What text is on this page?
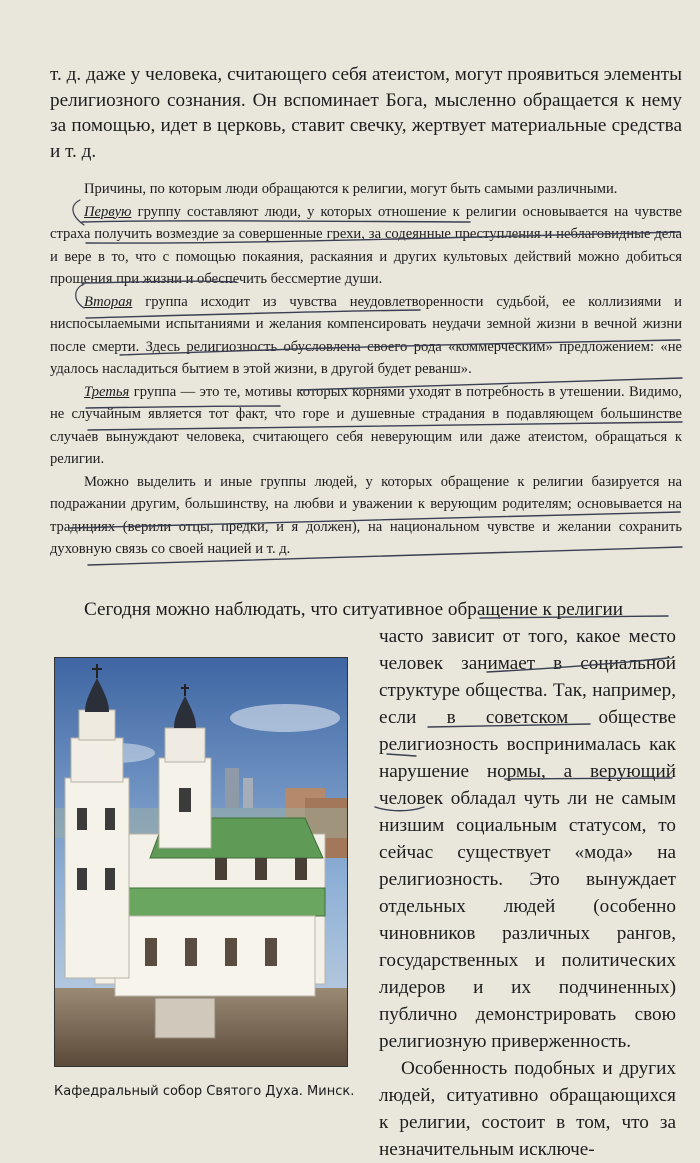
т. д. даже у человека, считающего себя атеистом, могут проявиться элементы религиозного сознания. Он вспоминает Бога, мысленно обращается к нему за помощью, идет в церковь, ставит свечку, жертвует материальные средства и т. д.

Причины, по которым люди обращаются к религии, могут быть самыми различными.

Первую группу составляют люди, у которых отношение к религии основывается на чувстве страха получить возмездие за совершенные грехи, за содеянные преступления и неблаговидные дела и вере в то, что с помощью покаяния, раскаяния и других культовых действий можно добиться прощения при жизни и обеспечить бессмертие души.

Вторая группа исходит из чувства неудовлетворенности судьбой, ее коллизиями и ниспосылаемыми испытаниями и желания компенсировать неудачи земной жизни в вечной жизни после смерти. Здесь религиозность обусловлена своего рода «коммерческим» предложением: «не удалось насладиться бытием в этой жизни, в другой будет реванш».

Третья группа — это те, мотивы которых корнями уходят в потребность в утешении. Видимо, не случайным является тот факт, что горе и душевные страдания в подавляющем большинстве случаев вынуждают человека, считающего себя неверующим или даже атеистом, обращаться к религии.

Можно выделить и иные группы людей, у которых обращение к религии базируется на подражании другим, большинству, на любви и уважении к верующим родителям; основывается на традициях (верили отцы, предки, и я должен), на национальном чувстве и желании сохранить духовную связь со своей нацией и т. д.

Сегодня можно наблюдать, что ситуативное обращение к религии

часто зависит от того, какое место человек занимает в социальной структуре общества. Так, например, если в советском обществе религиозность воспринималась как нарушение нормы, а верующий человек обладал чуть ли не самым низшим социальным статусом, то сейчас существует «мода» на религиозность. Это вынуждает отдельных людей (особенно чиновников различных рангов, государственных и политических лидеров и их подчиненных) публично демонстрировать свою религиозную приверженность.

Особенность подобных и других людей, ситуативно обращающихся к религии, состоит в том, что за незначительным исключе-

Кафедральный собор Святого Духа. Минск.
